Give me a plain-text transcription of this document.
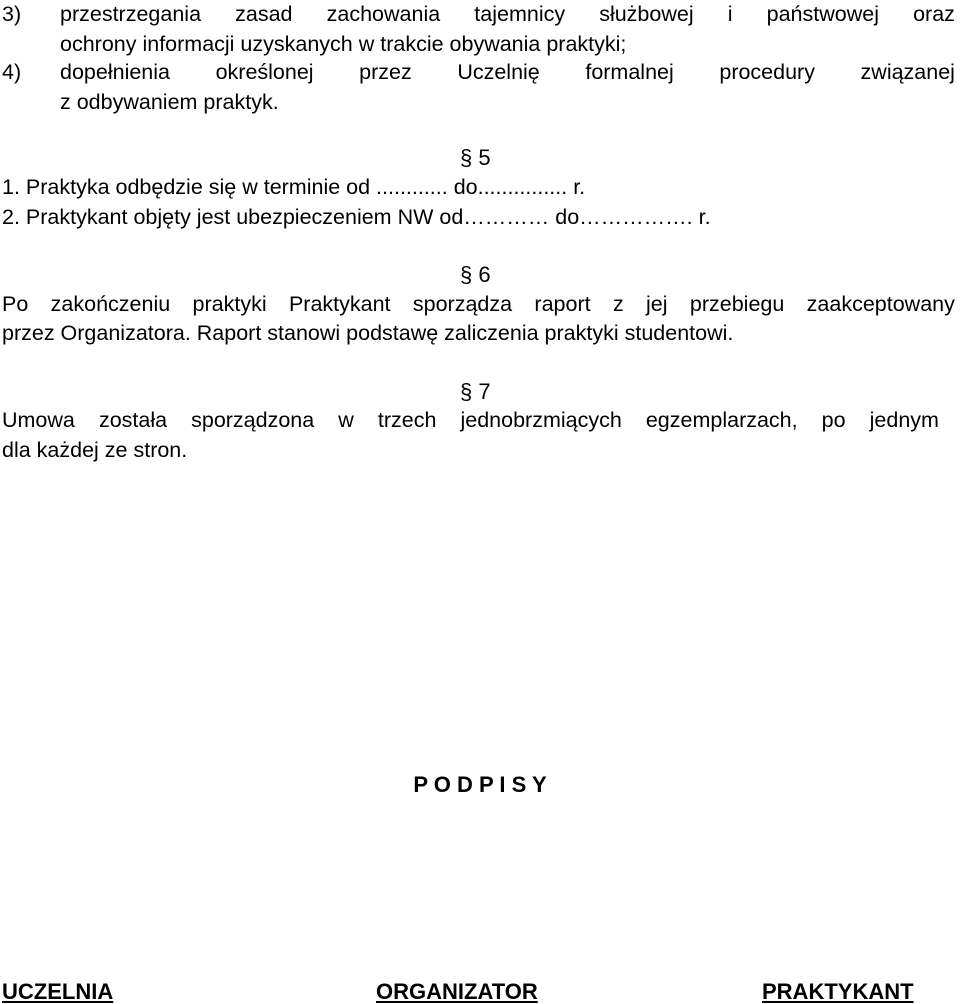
3) przestrzegania zasad zachowania tajemnicy służbowej i państwowej oraz
ochrony informacji uzyskanych w trakcie obywania praktyki;
4) dopełnienia określonej przez Uczelnię formalnej procedury związanej
z odbywaniem praktyk.
§ 5
1. Praktyka odbędzie się w terminie od ............ do............... r.
2. Praktykant objęty jest ubezpieczeniem NW od………… do……………. r.
§ 6
Po zakończeniu praktyki Praktykant sporządza raport z jej przebiegu zaakceptowany
przez Organizatora. Raport stanowi podstawę zaliczenia praktyki studentowi.
§ 7
Umowa została sporządzona w trzech jednobrzmiących egzemplarzach, po jednym
dla każdej ze stron.
P O D P I S Y
UCZELNIA	ORGANIZATOR	PRAKTYKANT
